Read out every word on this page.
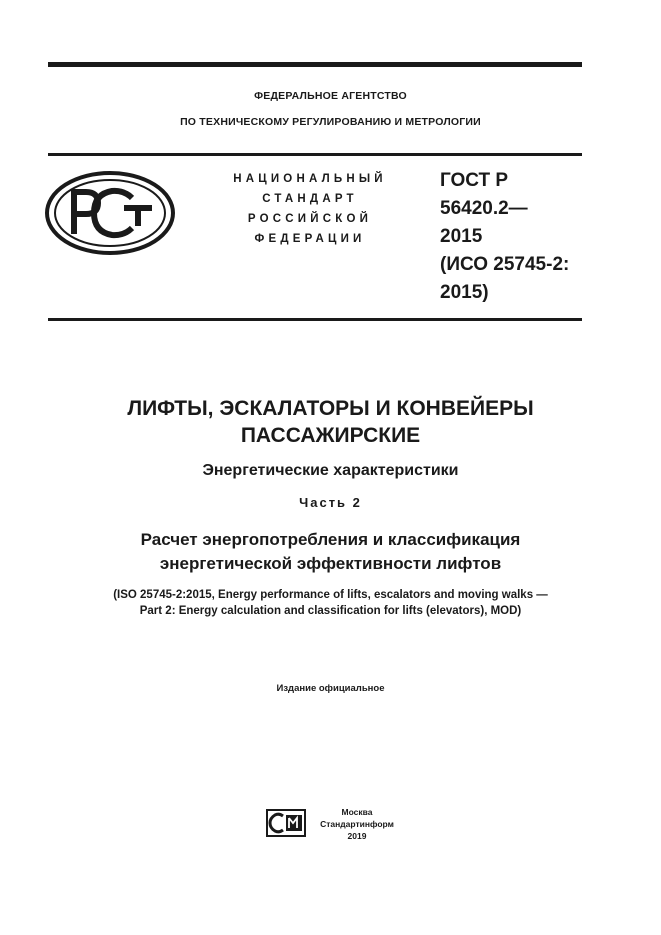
ФЕДЕРАЛЬНОЕ АГЕНТСТВО
ПО ТЕХНИЧЕСКОМУ РЕГУЛИРОВАНИЮ И МЕТРОЛОГИИ
НАЦИОНАЛЬНЫЙ
СТАНДАРТ
РОССИЙСКОЙ
ФЕДЕРАЦИИ
ГОСТ Р
56420.2—
2015
(ИСО 25745-2:
2015)
ЛИФТЫ, ЭСКАЛАТОРЫ И КОНВЕЙЕРЫ
ПАССАЖИРСКИЕ
Энергетические характеристики
Часть 2
Расчет энергопотребления и классификация
энергетической эффективности лифтов
(ISO 25745-2:2015, Energy performance of lifts, escalators and moving walks —
Part 2: Energy calculation and classification for lifts (elevators), MOD)
Издание официальное
Москва
Стандартинформ
2019
